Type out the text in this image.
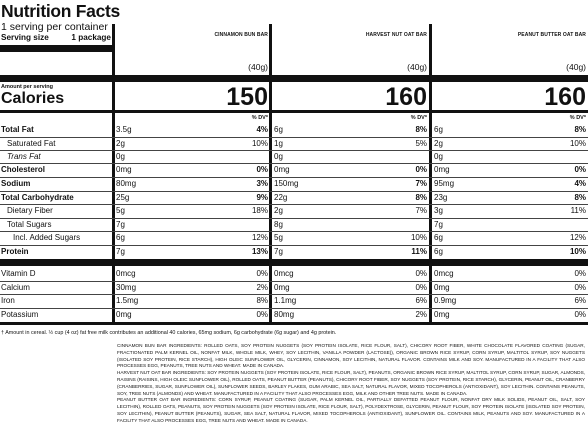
Nutrition Facts
1 serving per container
Serving size	1 package
Amount per serving
Calories
CINNAMON BUN BAR
(40g)
150
% DV*
HARVEST NUT OAT BAR
(40g)
160
% DV*
PEANUT BUTTER OAT BAR
(40g)
160
% DV*
Total Fat	3.5g	4% 6g	8% 6g	8%
Saturated Fat	2g	10% 1g	5% 2g	10%
Trans Fat	0g	0g	0g
Cholesterol	0mg	0% 0mg	0% 0mg	0%
Sodium	80mg	3% 150mg	7% 95mg	4%
Total Carbohydrate	25g	9% 22g	8% 23g	8%
Dietary Fiber	5g	18% 2g	7% 3g	11%
Total Sugars	7g	8g	7g
Incl. Added Sugars	6g	12% 5g	10% 6g	12%
Protein	7g	13% 7g	11% 6g	10%
Vitamin D	0mcg	0% 0mcg	0% 0mcg	0%
Calcium	30mg	2% 0mg	0% 0mg	0%
Iron	1.5mg	8% 1.1mg	6% 0.9mg	6%
Potassium	0mg	0% 80mg	2% 0mg	0%
† Amount in cereal. ½ cup (4 oz) fat free milk contributes an additional 40 calories, 65mg sodium, 6g carbohydrate (6g sugar) and 4g protein.

CINNAMON BUN BAR INGREDIENTS: ROLLED OATS, SOY PROTEIN NUGGETS (SOY PROTEIN ISOLATE, RICE FLOUR, SALT), CHICORY ROOT FIBER, WHITE CHOCOLATE FLAVORED COATING (SUGAR, FRACTIONATED PALM KERNEL OIL, NONFAT MILK, WHOLE MILK, WHEY, SOY LECITHIN, VANILLA POWDER (LACTOSE)), ORGANIC BROWN RICE SYRUP, CORN SYRUP, MALTITOL SYRUP, SOY NUGGETS (ISOLATED SOY PROTEIN, RICE STARCH), HIGH OLEIC SUNFLOWER OIL, GLYCERIN, CINNAMON, SOY LECITHIN, NATURAL FLAVOR. CONTAINS MILK AND SOY. MANUFACTURED IN A FACILITY THAT ALSO PROCESSES EGG, PEANUTS, TREE NUTS AND WHEAT. MADE IN CANADA.

HARVEST NUT OAT BAR INGREDIENTS: SOY PROTEIN NUGGETS (SOY PROTEIN ISOLATE, RICE FLOUR, SALT), PEANUTS, ORGANIC BROWN RICE SYRUP, MALTITOL SYRUP, CORN SYRUP, SUGAR, ALMONDS, RAISINS (RAISINS, HIGH OLEIC SUNFLOWER OIL), ROLLED OATS, PEANUT BUTTER (PEANUTS), CHICORY ROOT FIBER, SOY NUGGETS (SOY PROTEIN, RICE STARCH), GLYCERIN, PEANUT OIL, CRANBERRY (CRANBERRIES, SUGAR, SUNFLOWER OIL), SUNFLOWER SEEDS, BARLEY FLAKES, GUM ARABIC, SEA SALT, NATURAL FLAVOR, MIXED TOCOPHEROLS (ANTIOXIDANT), SOY LECITHIN. CONTAINS PEANUTS, SOY, TREE NUTS (ALMONDS) AND WHEAT. MANUFACTURED IN A FACILITY THAT ALSO PROCESSES EGG, MILK AND OTHER TREE NUTS. MADE IN CANADA.

PEANUT BUTTER OAT BAR INGREDIENTS: CORN SYRUP, PEANUT COATING (SUGAR, PALM KERNEL OIL, PARTIALLY DEFATTED PEANUT FLOUR, NONFAT DRY MILK SOLIDS, PEANUT OIL, SALT, SOY LECITHIN), ROLLED OATS, PEANUTS, SOY PROTEIN NUGGETS (SOY PROTEIN ISOLATE, RICE FLOUR, SALT), POLYDEXTROSE, GLYCERIN, PEANUT FLOUR, SOY PROTEIN ISOLATE (ISOLATED SOY PROTEIN, SOY LECITHIN), PEANUT BUTTER (PEANUTS), SUGAR, SEA SALT, NATURAL FLAVOR, MIXED TOCOPHEROLS (ANTIOXIDANT), SUNFLOWER OIL. CONTAINS MILK, PEANUTS AND SOY. MANUFACTURED IN A FACILITY THAT ALSO PROCESSES EGG, TREE NUTS AND WHEAT. MADE IN CANADA.
